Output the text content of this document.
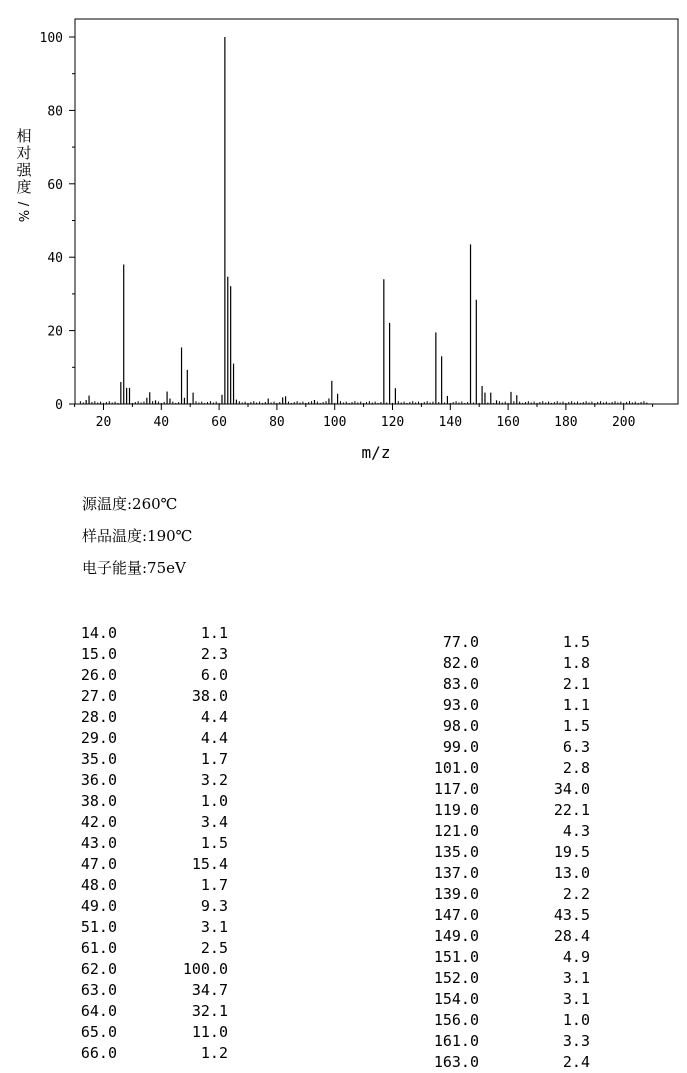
相
对
强
度
/
%
0
20
40
60
80
100
20	40	60	80	100	120	140	160	180	200
m/z
源温度:260℃
样品温度:190℃
电子能量:75eV
14.0	1.1
15.0	2.3
26.0	6.0
27.0	38.0
28.0	4.4
29.0	4.4
35.0	1.7
36.0	3.2
38.0	1.0
42.0	3.4
43.0	1.5
47.0	15.4
48.0	1.7
49.0	9.3
51.0	3.1
61.0	2.5
62.0	100.0
63.0	34.7
64.0	32.1
65.0	11.0
66.0	1.2
77.0	1.5
82.0	1.8
83.0	2.1
93.0	1.1
98.0	1.5
99.0	6.3
101.0	2.8
117.0	34.0
119.0	22.1
121.0	4.3
135.0	19.5
137.0	13.0
139.0	2.2
147.0	43.5
149.0	28.4
151.0	4.9
152.0	3.1
154.0	3.1
156.0	1.0
161.0	3.3
163.0	2.4
